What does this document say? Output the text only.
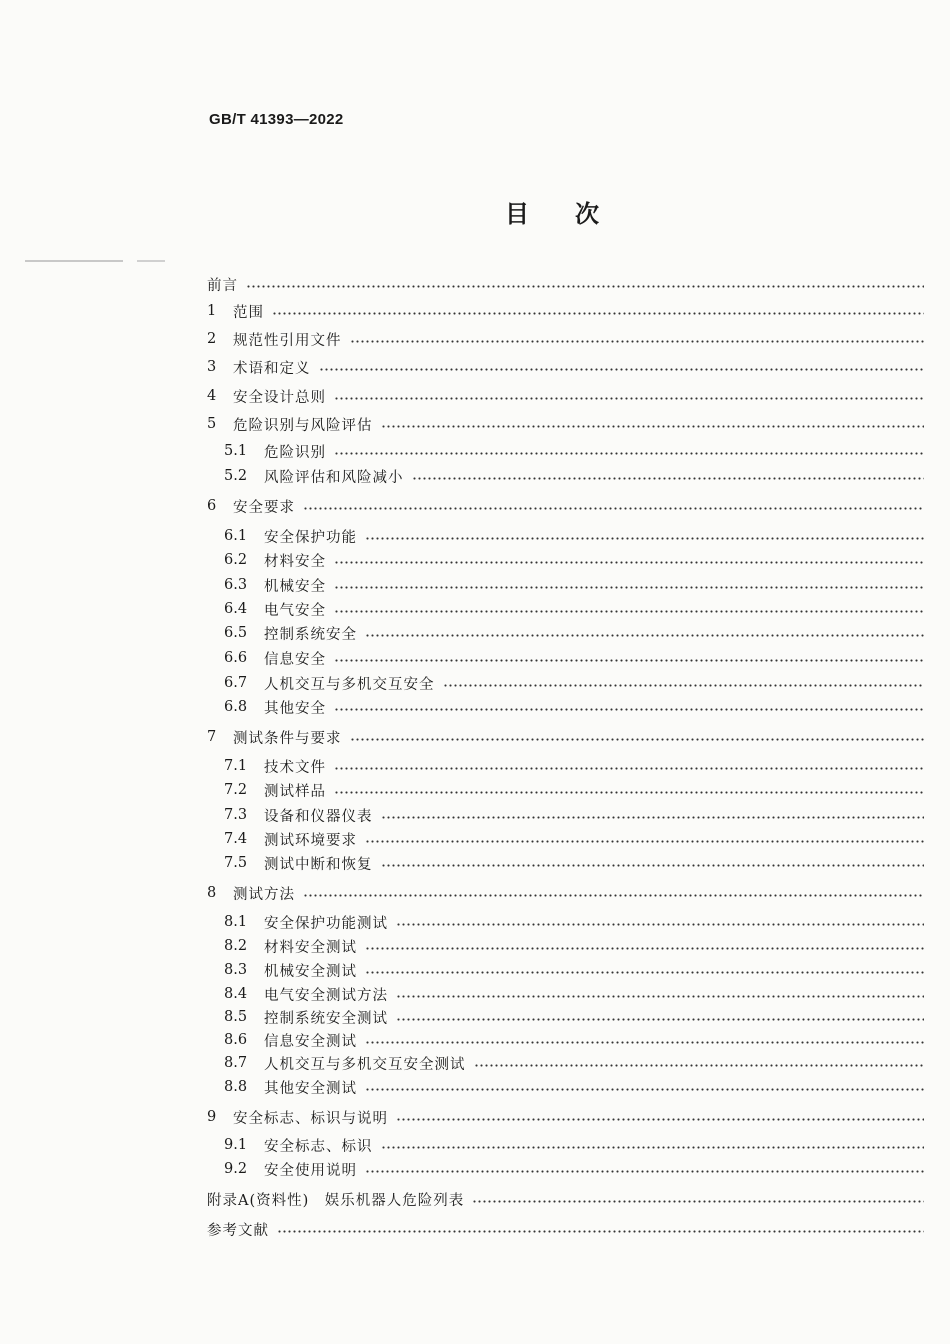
GB/T 41393—2022
目次
前言
1	范围
2	规范性引用文件
3	术语和定义
4	安全设计总则
5	危险识别与风险评估
5.1	危险识别
5.2	风险评估和风险减小
6	安全要求
6.1	安全保护功能
6.2	材料安全
6.3	机械安全
6.4	电气安全
6.5	控制系统安全
6.6	信息安全
6.7	人机交互与多机交互安全
6.8	其他安全
7	测试条件与要求
7.1	技术文件
7.2	测试样品
7.3	设备和仪器仪表
7.4	测试环境要求
7.5	测试中断和恢复
8	测试方法
8.1	安全保护功能测试
8.2	材料安全测试
8.3	机械安全测试
8.4	电气安全测试方法
8.5	控制系统安全测试
8.6	信息安全测试
8.7	人机交互与多机交互安全测试
8.8	其他安全测试
9	安全标志、标识与说明
9.1	安全标志、标识
9.2	安全使用说明
附录A(资料性)　娱乐机器人危险列表
参考文献
